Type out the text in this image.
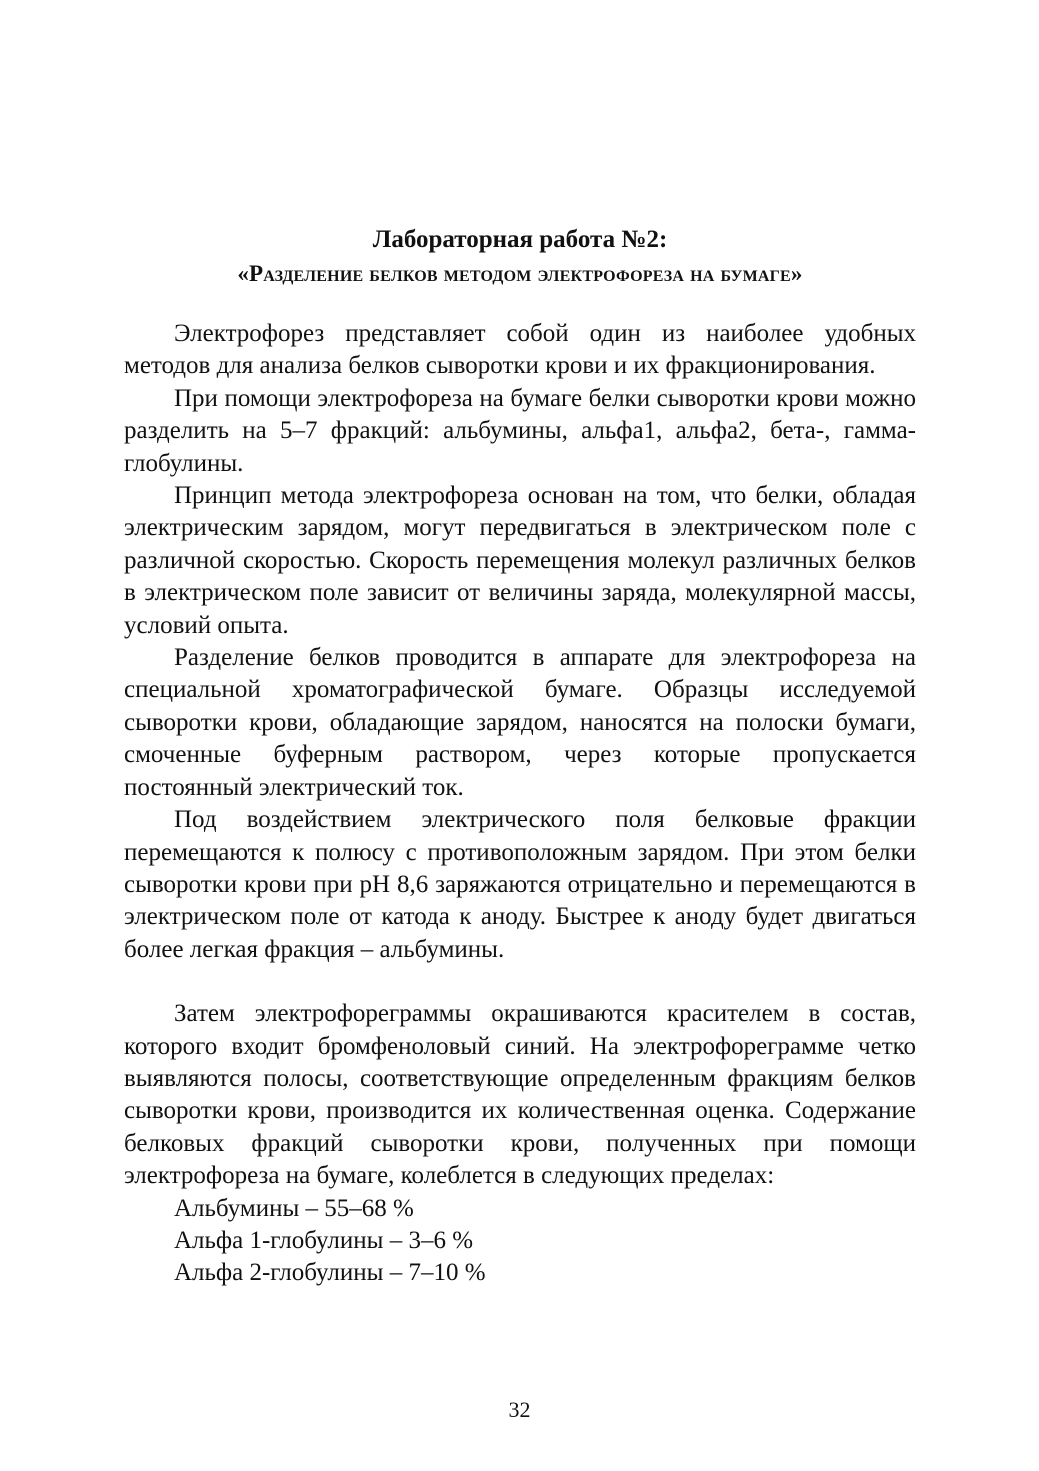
Лабораторная работа №2:
«Разделение белков методом электрофореза на бумаге»

Электрофорез представляет собой один из наиболее удобных методов для анализа белков сыворотки крови и их фракционирования.

При помощи электрофореза на бумаге белки сыворотки крови можно разделить на 5–7 фракций: альбумины, альфа1, альфа2, бета-, гамма-глобулины.

Принцип метода электрофореза основан на том, что белки, обладая электрическим зарядом, могут передвигаться в электрическом поле с различной скоростью. Скорость перемещения молекул различных белков в электрическом поле зависит от величины заряда, молекулярной массы, условий опыта.

Разделение белков проводится в аппарате для электрофореза на специальной хроматографической бумаге. Образцы исследуемой сыворотки крови, обладающие зарядом, наносятся на полоски бумаги, смоченные буферным раствором, через которые пропускается постоянный электрический ток.

Под воздействием электрического поля белковые фракции перемещаются к полюсу с противоположным зарядом. При этом белки сыворотки крови при pH 8,6 заряжаются отрицательно и перемещаются в электрическом поле от катода к аноду. Быстрее к аноду будет двигаться более легкая фракция – альбумины.

Затем электрофореграммы окрашиваются красителем в состав, которого входит бромфеноловый синий. На электрофореграмме четко выявляются полосы, соответствующие определенным фракциям белков сыворотки крови, производится их количественная оценка. Содержание белковых фракций сыворотки крови, полученных при помощи электрофореза на бумаге, колеблется в следующих пределах:

Альбумины – 55–68 %
Альфа 1-глобулины – 3–6 %
Альфа 2-глобулины – 7–10 %
32
